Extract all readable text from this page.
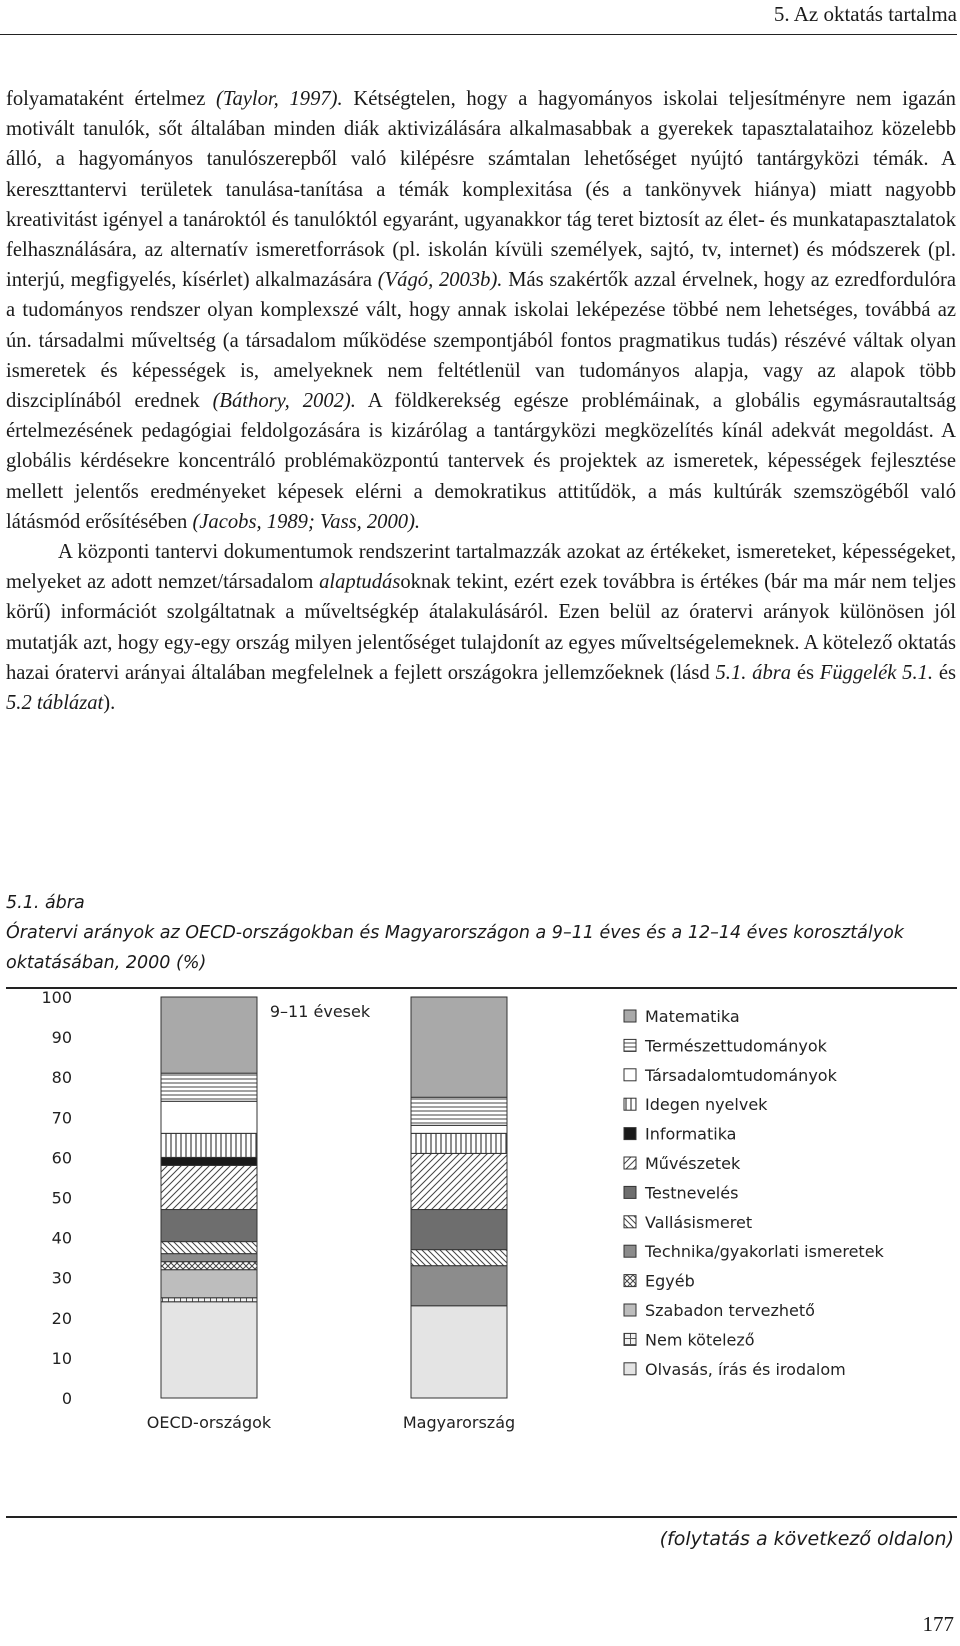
5. Az oktatás tartalma

folyamataként értelmez (Taylor, 1997). Kétségtelen, hogy a hagyományos iskolai teljesítményre nem igazán motivált tanulók, sőt általában minden diák aktivizálására alkalmasabbak a gyerekek tapasztalataihoz közelebb álló, a hagyományos tanulószerepből való kilépésre számtalan lehetőséget nyújtó tantárgyközi témák. A kereszttantervi területek tanulása-tanítása a témák komplexitása (és a tankönyvek hiánya) miatt nagyobb kreativitást igényel a tanároktól és tanulóktól egyaránt, ugyanakkor tág teret biztosít az élet- és munkatapasztalatok felhasználására, az alternatív ismeretforrások (pl. iskolán kívüli személyek, sajtó, tv, internet) és módszerek (pl. interjú, megfigyelés, kísérlet) alkalmazására (Vágó, 2003b). Más szakértők azzal érvelnek, hogy az ezredfordulóra a tudományos rendszer olyan komplexszé vált, hogy annak iskolai leképezése többé nem lehetséges, továbbá az ún. társadalmi műveltség (a társadalom működése szempontjából fontos pragmatikus tudás) részévé váltak olyan ismeretek és képességek is, amelyeknek nem feltétlenül van tudományos alapja, vagy az alapok több diszciplínából erednek (Báthory, 2002). A földkerekség egésze problémáinak, a globális egymásrautaltság értelmezésének pedagógiai feldolgozására is kizárólag a tantárgyközi megközelítés kínál adekvát megoldást. A globális kérdésekre koncentráló problémaközpontú tantervek és projektek az ismeretek, képességek fejlesztése mellett jelentős eredményeket képesek elérni a demokratikus attitűdök, a más kultúrák szemszögéből való látásmód erősítésében (Jacobs, 1989; Vass, 2000).

A központi tantervi dokumentumok rendszerint tartalmazzák azokat az értékeket, ismereteket, képességeket, melyeket az adott nemzet/társadalom alaptudásoknak tekint, ezért ezek továbbra is értékes (bár ma már nem teljes körű) információt szolgáltatnak a műveltségkép átalakulásáról. Ezen belül az óratervi arányok különösen jól mutatják azt, hogy egy-egy ország milyen jelentőséget tulajdonít az egyes műveltségelemeknek. A kötelező oktatás hazai óratervi arányai általában megfelelnek a fejlett országokra jellemzőeknek (lásd 5.1. ábra és Függelék 5.1. és 5.2 táblázat).

5.1. ábra
Óratervi arányok az OECD-országokban és Magyarországon a 9–11 éves és a 12–14 éves korosztályok oktatásában, 2000 (%)
9–11 évesek
0
10
20
30
40
50
60
70
80
90
100
OECD-országok	Magyarország
Matematika
Természettudományok
Társadalomtudományok
Idegen nyelvek
Informatika
Művészetek
Testnevelés
Vallásismeret
Technika/gyakorlati ismeretek
Egyéb
Szabadon tervezhető
Nem kötelező
Olvasás, írás és irodalom
(folytatás a következő oldalon)
177
